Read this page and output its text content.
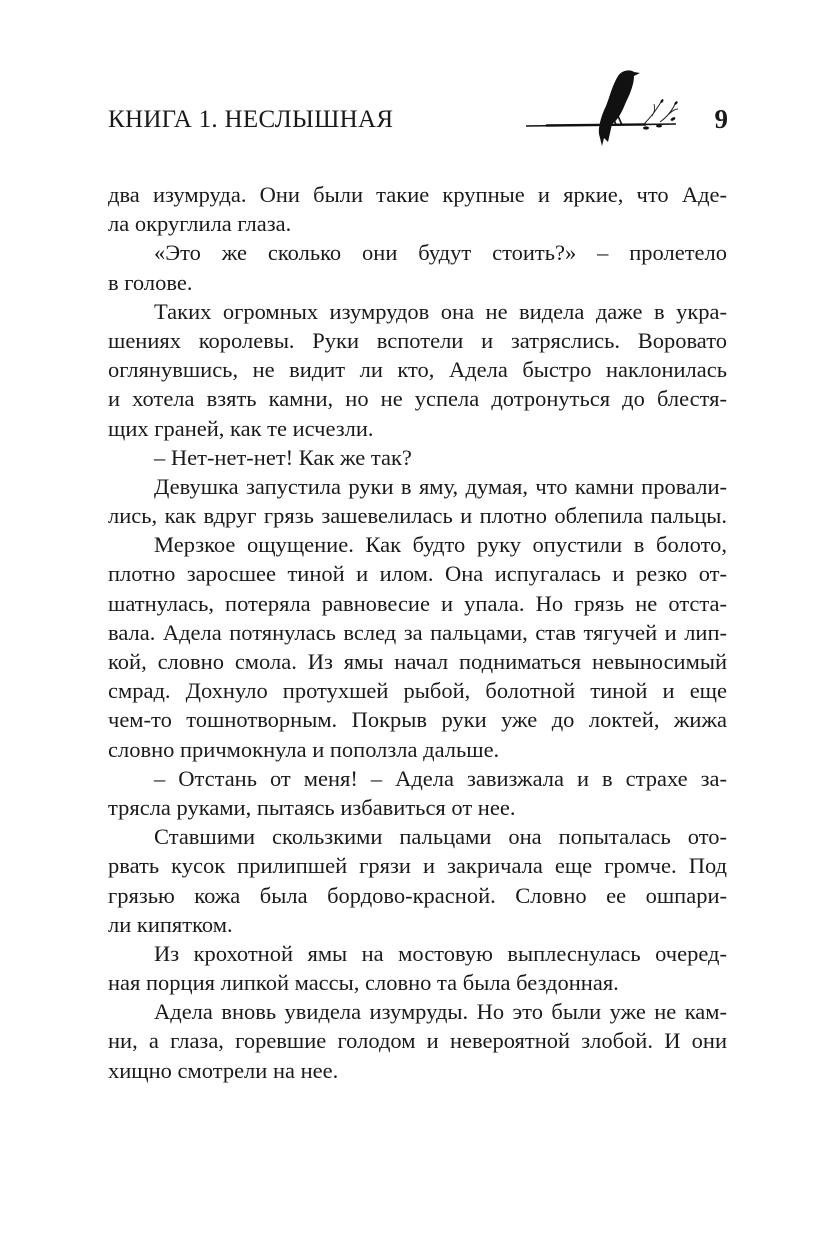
КНИГА 1. НЕСЛЫШНАЯ	9
два изумруда. Они были такие крупные и яркие, что Аде-
ла округлила глаза.
«Это же сколько они будут стоить?» – пролетело
в голове.
Таких огромных изумрудов она не видела даже в укра-
шениях королевы. Руки вспотели и затряслись. Воровато
оглянувшись, не видит ли кто, Адела быстро наклонилась
и хотела взять камни, но не успела дотронуться до блестя-
щих граней, как те исчезли.
– Нет-нет-нет! Как же так?
Девушка запустила руки в яму, думая, что камни провали-
лись, как вдруг грязь зашевелилась и плотно облепила пальцы.
Мерзкое ощущение. Как будто руку опустили в болото,
плотно заросшее тиной и илом. Она испугалась и резко от-
шатнулась, потеряла равновесие и упала. Но грязь не отста-
вала. Адела потянулась вслед за пальцами, став тягучей и лип-
кой, словно смола. Из ямы начал подниматься невыносимый
смрад. Дохнуло протухшей рыбой, болотной тиной и еще
чем-то тошнотворным. Покрыв руки уже до локтей, жижа
словно причмокнула и поползла дальше.
– Отстань от меня! – Адела завизжала и в страхе за-
трясла руками, пытаясь избавиться от нее.
Ставшими скользкими пальцами она попыталась ото-
рвать кусок прилипшей грязи и закричала еще громче. Под
грязью кожа была бордово-красной. Словно ее ошпари-
ли кипятком.
Из крохотной ямы на мостовую выплеснулась очеред-
ная порция липкой массы, словно та была бездонная.
Адела вновь увидела изумруды. Но это были уже не кам-
ни, а глаза, горевшие голодом и невероятной злобой. И они
хищно смотрели на нее.
